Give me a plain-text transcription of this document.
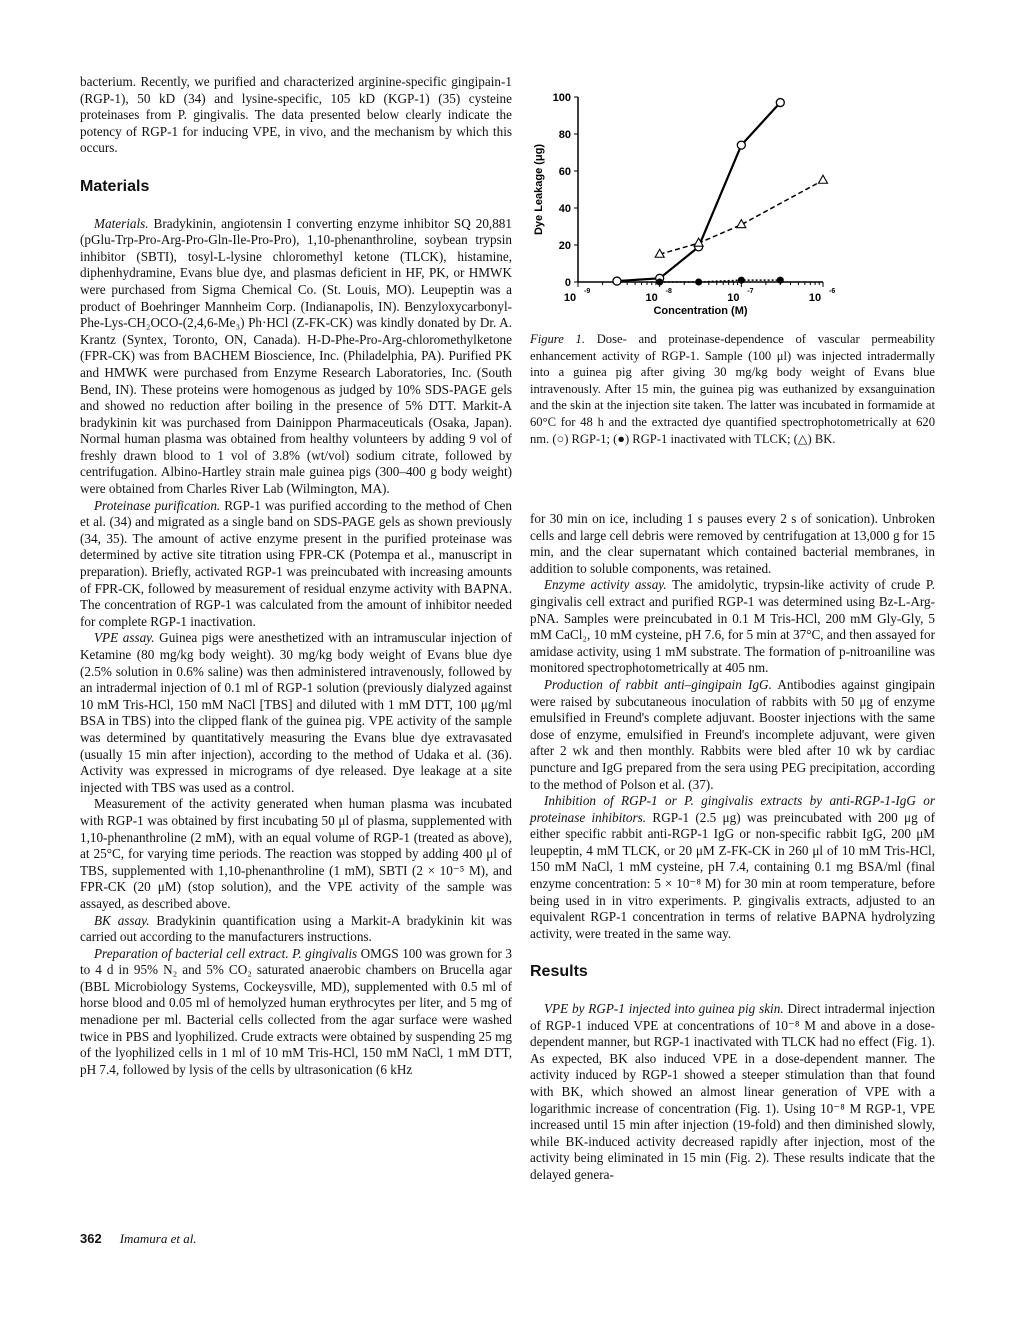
bacterium. Recently, we purified and characterized arginine-specific gingipain-1 (RGP-1), 50 kD (34) and lysine-specific, 105 kD (KGP-1) (35) cysteine proteinases from P. gingivalis. The data presented below clearly indicate the potency of RGP-1 for inducing VPE, in vivo, and the mechanism by which this occurs.

Materials

Materials. Bradykinin, angiotensin I converting enzyme inhibitor SQ 20,881 (pGlu-Trp-Pro-Arg-Pro-Gln-Ile-Pro-Pro), 1,10-phenanthroline, soybean trypsin inhibitor (SBTI), tosyl-L-lysine chloromethyl ketone (TLCK), histamine, diphenhydramine, Evans blue dye, and plasmas deficient in HF, PK, or HMWK were purchased from Sigma Chemical Co. (St. Louis, MO). Leupeptin was a product of Boehringer Mannheim Corp. (Indianapolis, IN). Benzyloxycarbonyl-Phe-Lys-CH₂OCO-(2,4,6-Me₃) Ph·HCl (Z-FK-CK) was kindly donated by Dr. A. Krantz (Syntex, Toronto, ON, Canada). H-D-Phe-Pro-Arg-chloromethylketone (FPR-CK) was from BACHEM Bioscience, Inc. (Philadelphia, PA). Purified PK and HMWK were purchased from Enzyme Research Laboratories, Inc. (South Bend, IN). These proteins were homogenous as judged by 10% SDS-PAGE gels and showed no reduction after boiling in the presence of 5% DTT. Markit-A bradykinin kit was purchased from Dainippon Pharmaceuticals (Osaka, Japan). Normal human plasma was obtained from healthy volunteers by adding 9 vol of freshly drawn blood to 1 vol of 3.8% (wt/vol) sodium citrate, followed by centrifugation. Albino-Hartley strain male guinea pigs (300–400 g body weight) were obtained from Charles River Lab (Wilmington, MA).

Proteinase purification. RGP-1 was purified according to the method of Chen et al. (34) and migrated as a single band on SDS-PAGE gels as shown previously (34, 35). The amount of active enzyme present in the purified proteinase was determined by active site titration using FPR-CK (Potempa et al., manuscript in preparation). Briefly, activated RGP-1 was preincubated with increasing amounts of FPR-CK, followed by measurement of residual enzyme activity with BAPNA. The concentration of RGP-1 was calculated from the amount of inhibitor needed for complete RGP-1 inactivation.

VPE assay. Guinea pigs were anesthetized with an intramuscular injection of Ketamine (80 mg/kg body weight). 30 mg/kg body weight of Evans blue dye (2.5% solution in 0.6% saline) was then administered intravenously, followed by an intradermal injection of 0.1 ml of RGP-1 solution (previously dialyzed against 10 mM Tris-HCl, 150 mM NaCl [TBS] and diluted with 1 mM DTT, 100 μg/ml BSA in TBS) into the clipped flank of the guinea pig. VPE activity of the sample was determined by quantitatively measuring the Evans blue dye extravasated (usually 15 min after injection), according to the method of Udaka et al. (36). Activity was expressed in micrograms of dye released. Dye leakage at a site injected with TBS was used as a control.

Measurement of the activity generated when human plasma was incubated with RGP-1 was obtained by first incubating 50 μl of plasma, supplemented with 1,10-phenanthroline (2 mM), with an equal volume of RGP-1 (treated as above), at 25°C, for varying time periods. The reaction was stopped by adding 400 μl of TBS, supplemented with 1,10-phenanthroline (1 mM), SBTI (2 × 10⁻⁵ M), and FPR-CK (20 μM) (stop solution), and the VPE activity of the sample was assayed, as described above.

BK assay. Bradykinin quantification using a Markit-A bradykinin kit was carried out according to the manufacturers instructions.

Preparation of bacterial cell extract. P. gingivalis OMGS 100 was grown for 3 to 4 d in 95% N₂ and 5% CO₂ saturated anaerobic chambers on Brucella agar (BBL Microbiology Systems, Cockeysville, MD), supplemented with 0.5 ml of horse blood and 0.05 ml of hemolyzed human erythrocytes per liter, and 5 mg of menadione per ml. Bacterial cells collected from the agar surface were washed twice in PBS and lyophilized. Crude extracts were obtained by suspending 25 mg of the lyophilized cells in 1 ml of 10 mM Tris-HCl, 150 mM NaCl, 1 mM DTT, pH 7.4, followed by lysis of the cells by ultrasonication (6 kHz

0
20
40
60
80
100
10
-9
10
-8
10
-7
10
-6
Concentration (M)
Dye Leakage (μg)
Figure 1. Dose- and proteinase-dependence of vascular permeability enhancement activity of RGP-1. Sample (100 μl) was injected intradermally into a guinea pig after giving 30 mg/kg body weight of Evans blue intravenously. After 15 min, the guinea pig was euthanized by exsanguination and the skin at the injection site taken. The latter was incubated in formamide at 60°C for 48 h and the extracted dye quantified spectrophotometrically at 620 nm. (○) RGP-1; (●) RGP-1 inactivated with TLCK; (△) BK.

for 30 min on ice, including 1 s pauses every 2 s of sonication). Unbroken cells and large cell debris were removed by centrifugation at 13,000 g for 15 min, and the clear supernatant which contained bacterial membranes, in addition to soluble components, was retained.

Enzyme activity assay. The amidolytic, trypsin-like activity of crude P. gingivalis cell extract and purified RGP-1 was determined using Bz-L-Arg-pNA. Samples were preincubated in 0.1 M Tris-HCl, 200 mM Gly-Gly, 5 mM CaCl₂, 10 mM cysteine, pH 7.6, for 5 min at 37°C, and then assayed for amidase activity, using 1 mM substrate. The formation of p-nitroaniline was monitored spectrophotometrically at 405 nm.

Production of rabbit anti–gingipain IgG. Antibodies against gingipain were raised by subcutaneous inoculation of rabbits with 50 μg of enzyme emulsified in Freund's complete adjuvant. Booster injections with the same dose of enzyme, emulsified in Freund's incomplete adjuvant, were given after 2 wk and then monthly. Rabbits were bled after 10 wk by cardiac puncture and IgG prepared from the sera using PEG precipitation, according to the method of Polson et al. (37).

Inhibition of RGP-1 or P. gingivalis extracts by anti-RGP-1-IgG or proteinase inhibitors. RGP-1 (2.5 μg) was preincubated with 200 μg of either specific rabbit anti-RGP-1 IgG or non-specific rabbit IgG, 200 μM leupeptin, 4 mM TLCK, or 20 μM Z-FK-CK in 260 μl of 10 mM Tris-HCl, 150 mM NaCl, 1 mM cysteine, pH 7.4, containing 0.1 mg BSA/ml (final enzyme concentration: 5 × 10⁻⁸ M) for 30 min at room temperature, before being used in in vitro experiments. P. gingivalis extracts, adjusted to an equivalent RGP-1 concentration in terms of relative BAPNA hydrolyzing activity, were treated in the same way.

Results

VPE by RGP-1 injected into guinea pig skin. Direct intradermal injection of RGP-1 induced VPE at concentrations of 10⁻⁸ M and above in a dose-dependent manner, but RGP-1 inactivated with TLCK had no effect (Fig. 1). As expected, BK also induced VPE in a dose-dependent manner. The activity induced by RGP-1 showed a steeper stimulation than that found with BK, which showed an almost linear generation of VPE with a logarithmic increase of concentration (Fig. 1). Using 10⁻⁸ M RGP-1, VPE increased until 15 min after injection (19-fold) and then diminished slowly, while BK-induced activity decreased rapidly after injection, most of the activity being eliminated in 15 min (Fig. 2). These results indicate that the delayed genera-

362 Imamura et al.
